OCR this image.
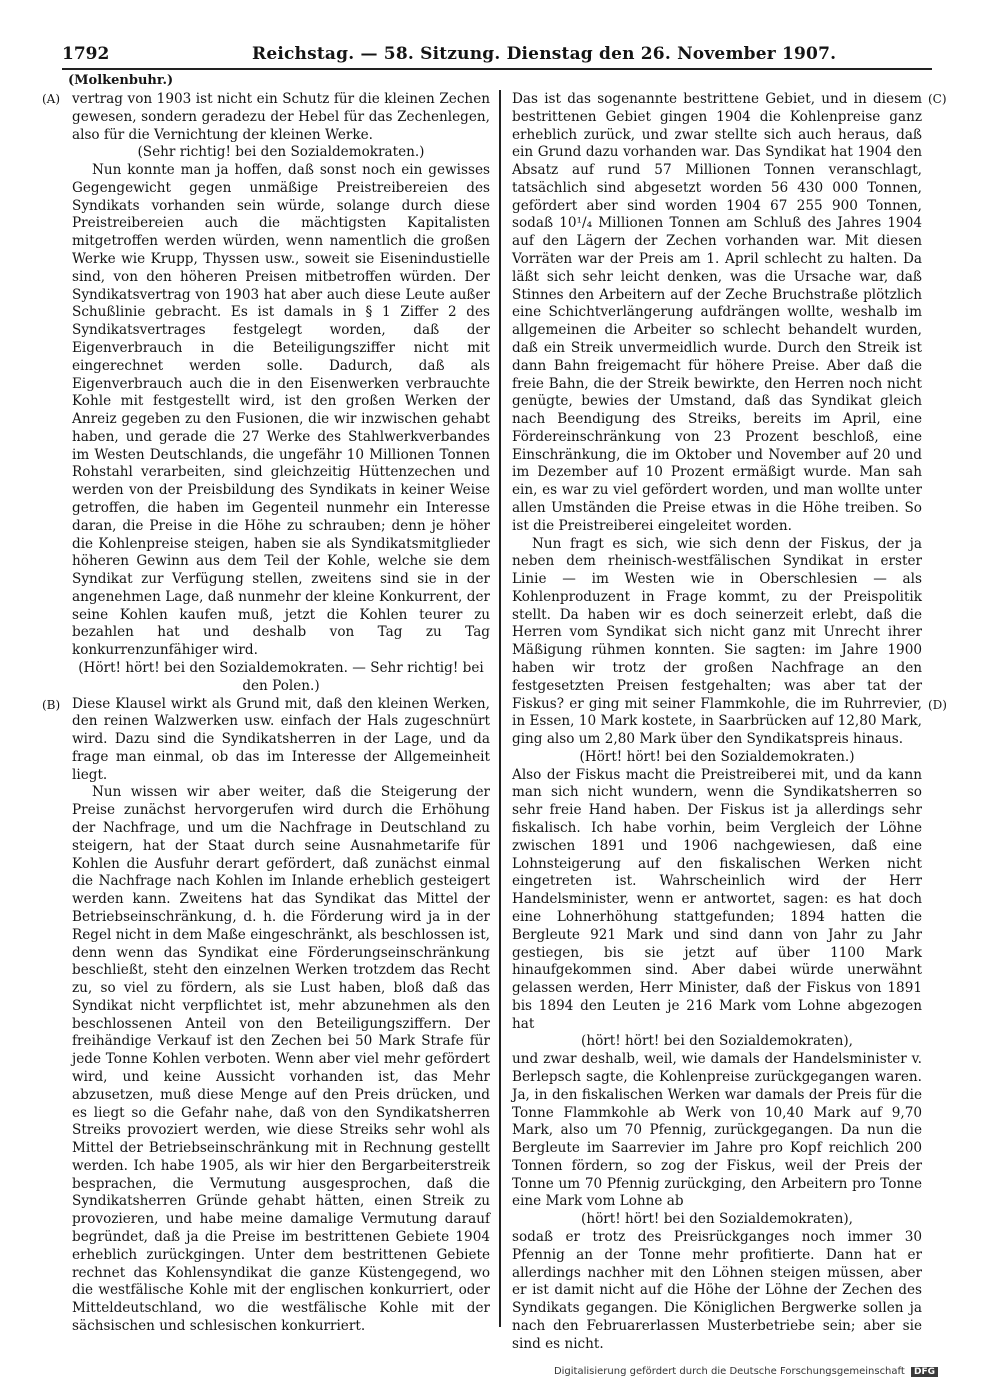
1792	Reichstag. — 58. Sitzung. Dienstag den 26. November 1907.
(Molkenbuhr.)
(A)
(B)
(C)
(D)

vertrag von 1903 ist nicht ein Schutz für die kleinen Zechen gewesen, sondern geradezu der Hebel für das Zechenlegen, also für die Vernichtung der kleinen Werke.

(Sehr richtig! bei den Sozialdemokraten.)

Nun konnte man ja hoffen, daß sonst noch ein gewisses Gegengewicht gegen unmäßige Preistreibereien des Syndikats vorhanden sein würde, solange durch diese Preistreibereien auch die mächtigsten Kapitalisten mitgetroffen werden würden, wenn namentlich die großen Werke wie Krupp, Thyssen usw., soweit sie Eisenindustielle sind, von den höheren Preisen mitbetroffen würden. Der Syndikatsvertrag von 1903 hat aber auch diese Leute außer Schußlinie gebracht. Es ist damals in § 1 Ziffer 2 des Syndikatsvertrages festgelegt worden, daß der Eigenverbrauch in die Beteiligungsziffer nicht mit eingerechnet werden solle. Dadurch, daß als Eigenverbrauch auch die in den Eisenwerken verbrauchte Kohle mit festgestellt wird, ist den großen Werken der Anreiz gegeben zu den Fusionen, die wir inzwischen gehabt haben, und gerade die 27 Werke des Stahlwerkverbandes im Westen Deutschlands, die ungefähr 10 Millionen Tonnen Rohstahl verarbeiten, sind gleichzeitig Hüttenzechen und werden von der Preisbildung des Syndikats in keiner Weise getroffen, die haben im Gegenteil nunmehr ein Interesse daran, die Preise in die Höhe zu schrauben; denn je höher die Kohlenpreise steigen, haben sie als Syndikatsmitglieder höheren Gewinn aus dem Teil der Kohle, welche sie dem Syndikat zur Verfügung stellen, zweitens sind sie in der angenehmen Lage, daß nunmehr der kleine Konkurrent, der seine Kohlen kaufen muß, jetzt die Kohlen teurer zu bezahlen hat und deshalb von Tag zu Tag konkurrenzunfähiger wird.

(Hört! hört! bei den Sozialdemokraten. — Sehr richtig! bei den Polen.)

Diese Klausel wirkt als Grund mit, daß den kleinen Werken, den reinen Walzwerken usw. einfach der Hals zugeschnürt wird. Dazu sind die Syndikatsherren in der Lage, und da frage man einmal, ob das im Interesse der Allgemeinheit liegt.

Nun wissen wir aber weiter, daß die Steigerung der Preise zunächst hervorgerufen wird durch die Erhöhung der Nachfrage, und um die Nachfrage in Deutschland zu steigern, hat der Staat durch seine Ausnahmetarife für Kohlen die Ausfuhr derart gefördert, daß zunächst einmal die Nachfrage nach Kohlen im Inlande erheblich gesteigert werden kann. Zweitens hat das Syndikat das Mittel der Betriebseinschränkung, d. h. die Förderung wird ja in der Regel nicht in dem Maße eingeschränkt, als beschlossen ist, denn wenn das Syndikat eine Förderungseinschränkung beschließt, steht den einzelnen Werken trotzdem das Recht zu, so viel zu fördern, als sie Lust haben, bloß daß das Syndikat nicht verpflichtet ist, mehr abzunehmen als den beschlossenen Anteil von den Beteiligungsziffern. Der freihändige Verkauf ist den Zechen bei 50 Mark Strafe für jede Tonne Kohlen verboten. Wenn aber viel mehr gefördert wird, und keine Aussicht vorhanden ist, das Mehr abzusetzen, muß diese Menge auf den Preis drücken, und es liegt so die Gefahr nahe, daß von den Syndikatsherren Streiks provoziert werden, wie diese Streiks sehr wohl als Mittel der Betriebseinschränkung mit in Rechnung gestellt werden. Ich habe 1905, als wir hier den Bergarbeiterstreik besprachen, die Vermutung ausgesprochen, daß die Syndikatsherren Gründe gehabt hätten, einen Streik zu provozieren, und habe meine damalige Vermutung darauf begründet, daß ja die Preise im bestrittenen Gebiete 1904 erheblich zurückgingen. Unter dem bestrittenen Gebiete rechnet das Kohlensyndikat die ganze Küstengegend, wo die westfälische Kohle mit der englischen konkurriert, oder Mitteldeutschland, wo die westfälische Kohle mit der sächsischen und schlesischen konkurriert.

Das ist das sogenannte bestrittene Gebiet, und in diesem bestrittenen Gebiet gingen 1904 die Kohlenpreise ganz erheblich zurück, und zwar stellte sich auch heraus, daß ein Grund dazu vorhanden war. Das Syndikat hat 1904 den Absatz auf rund 57 Millionen Tonnen veranschlagt, tatsächlich sind abgesetzt worden 56 430 000 Tonnen, gefördert aber sind worden 1904 67 255 900 Tonnen, sodaß 10¹/₄ Millionen Tonnen am Schluß des Jahres 1904 auf den Lägern der Zechen vorhanden war. Mit diesen Vorräten war der Preis am 1. April schlecht zu halten. Da läßt sich sehr leicht denken, was die Ursache war, daß Stinnes den Arbeitern auf der Zeche Bruchstraße plötzlich eine Schichtverlängerung aufdrängen wollte, weshalb im allgemeinen die Arbeiter so schlecht behandelt wurden, daß ein Streik unvermeidlich wurde. Durch den Streik ist dann Bahn freigemacht für höhere Preise. Aber daß die freie Bahn, die der Streik bewirkte, den Herren noch nicht genügte, bewies der Umstand, daß das Syndikat gleich nach Beendigung des Streiks, bereits im April, eine Fördereinschränkung von 23 Prozent beschloß, eine Einschränkung, die im Oktober und November auf 20 und im Dezember auf 10 Prozent ermäßigt wurde. Man sah ein, es war zu viel gefördert worden, und man wollte unter allen Umständen die Preise etwas in die Höhe treiben. So ist die Preistreiberei eingeleitet worden.

Nun fragt es sich, wie sich denn der Fiskus, der ja neben dem rheinisch-westfälischen Syndikat in erster Linie — im Westen wie in Oberschlesien — als Kohlenproduzent in Frage kommt, zu der Preispolitik stellt. Da haben wir es doch seinerzeit erlebt, daß die Herren vom Syndikat sich nicht ganz mit Unrecht ihrer Mäßigung rühmen konnten. Sie sagten: im Jahre 1900 haben wir trotz der großen Nachfrage an den festgesetzten Preisen festgehalten; was aber tat der Fiskus? er ging mit seiner Flammkohle, die im Ruhrrevier, in Essen, 10 Mark kostete, in Saarbrücken auf 12,80 Mark, ging also um 2,80 Mark über den Syndikatspreis hinaus.

(Hört! hört! bei den Sozialdemokraten.)

Also der Fiskus macht die Preistreiberei mit, und da kann man sich nicht wundern, wenn die Syndikatsherren so sehr freie Hand haben. Der Fiskus ist ja allerdings sehr fiskalisch. Ich habe vorhin, beim Vergleich der Löhne zwischen 1891 und 1906 nachgewiesen, daß eine Lohnsteigerung auf den fiskalischen Werken nicht eingetreten ist. Wahrscheinlich wird der Herr Handelsminister, wenn er antwortet, sagen: es hat doch eine Lohnerhöhung stattgefunden; 1894 hatten die Bergleute 921 Mark und sind dann von Jahr zu Jahr gestiegen, bis sie jetzt auf über 1100 Mark hinaufgekommen sind. Aber dabei würde unerwähnt gelassen werden, Herr Minister, daß der Fiskus von 1891 bis 1894 den Leuten je 216 Mark vom Lohne abgezogen hat

(hört! hört! bei den Sozialdemokraten),

und zwar deshalb, weil, wie damals der Handelsminister v. Berlepsch sagte, die Kohlenpreise zurückgegangen waren. Ja, in den fiskalischen Werken war damals der Preis für die Tonne Flammkohle ab Werk von 10,40 Mark auf 9,70 Mark, also um 70 Pfennig, zurückgegangen. Da nun die Bergleute im Saarrevier im Jahre pro Kopf reichlich 200 Tonnen fördern, so zog der Fiskus, weil der Preis der Tonne um 70 Pfennig zurückging, den Arbeitern pro Tonne eine Mark vom Lohne ab

(hört! hört! bei den Sozialdemokraten),

sodaß er trotz des Preisrückganges noch immer 30 Pfennig an der Tonne mehr profitierte. Dann hat er allerdings nachher mit den Löhnen steigen müssen, aber er ist damit nicht auf die Höhe der Löhne der Zechen des Syndikats gegangen. Die Königlichen Bergwerke sollen ja nach den Februarerlassen Musterbetriebe sein; aber sie sind es nicht.

Digitalisierung gefördert durch die Deutsche Forschungsgemeinschaft DFG
